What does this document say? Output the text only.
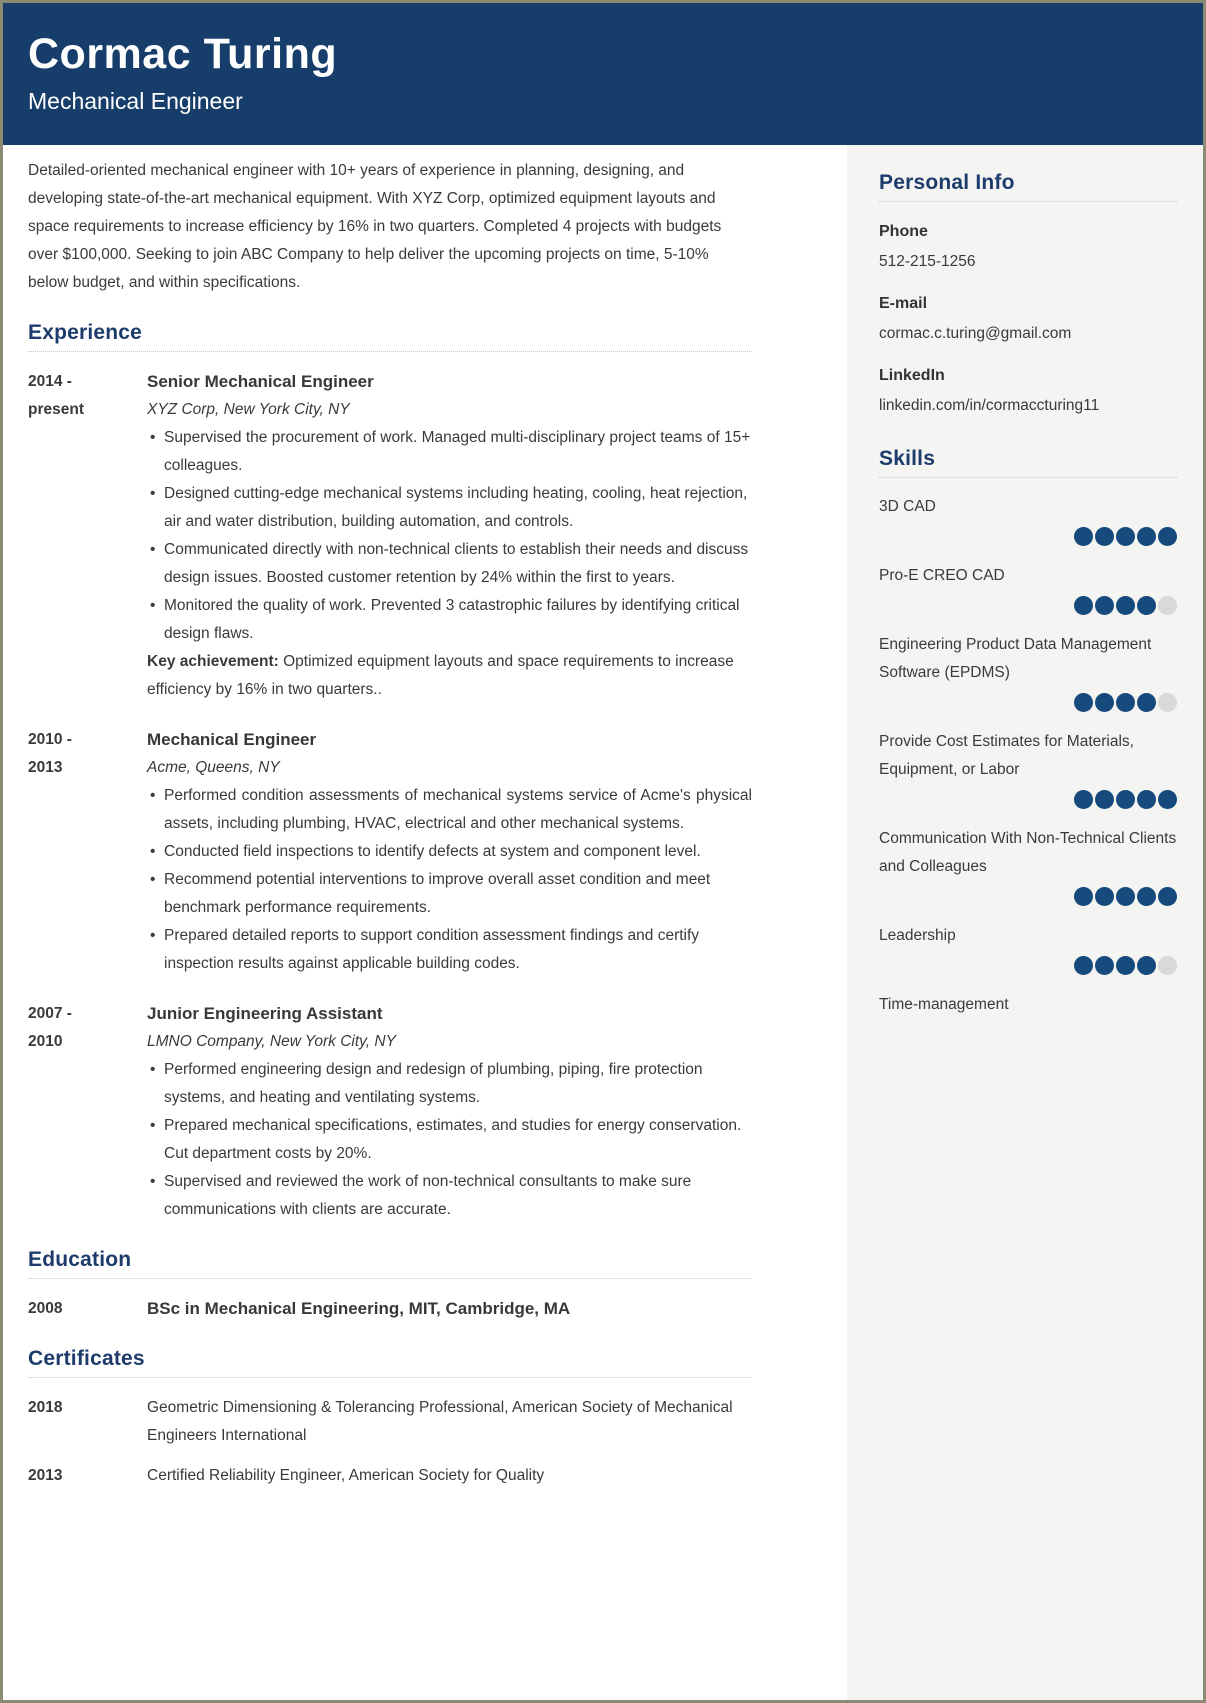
Cormac Turing
Mechanical Engineer

Detailed-oriented mechanical engineer with 10+ years of experience in planning, designing, and developing state-of-the-art mechanical equipment. With XYZ Corp, optimized equipment layouts and space requirements to increase efficiency by 16% in two quarters. Completed 4 projects with budgets over $100,000. Seeking to join ABC Company to help deliver the upcoming projects on time, 5-10% below budget, and within specifications.

Experience
2014 - present
Senior Mechanical Engineer
XYZ Corp, New York City, NY
• Supervised the procurement of work. Managed multi-disciplinary project teams of 15+ colleagues.
• Designed cutting-edge mechanical systems including heating, cooling, heat rejection, air and water distribution, building automation, and controls.
• Communicated directly with non-technical clients to establish their needs and discuss design issues. Boosted customer retention by 24% within the first to years.
• Monitored the quality of work. Prevented 3 catastrophic failures by identifying critical design flaws.

Key achievement: Optimized equipment layouts and space requirements to increase efficiency by 16% in two quarters..

2010 - 2013
Mechanical Engineer
Acme, Queens, NY
• Performed condition assessments of mechanical systems service of Acme's physical assets, including plumbing, HVAC, electrical and other mechanical systems.
• Conducted field inspections to identify defects at system and component level.
• Recommend potential interventions to improve overall asset condition and meet benchmark performance requirements.
• Prepared detailed reports to support condition assessment findings and certify inspection results against applicable building codes.
2007 - 2010
Junior Engineering Assistant
LMNO Company, New York City, NY
• Performed engineering design and redesign of plumbing, piping, fire protection systems, and heating and ventilating systems.
• Prepared mechanical specifications, estimates, and studies for energy conservation. Cut department costs by 20%.
• Supervised and reviewed the work of non-technical consultants to make sure communications with clients are accurate.
Education
2008	BSc in Mechanical Engineering, MIT, Cambridge, MA
Certificates
2018	Geometric Dimensioning & Tolerancing Professional, American Society of Mechanical Engineers International
2013	Certified Reliability Engineer, American Society for Quality
Personal Info
Phone
512-215-1256
E-mail
cormac.c.turing@gmail.com
LinkedIn
linkedin.com/in/cormaccturing11
Skills
3D CAD
Pro-E CREO CAD
Engineering Product Data Management Software (EPDMS)
Provide Cost Estimates for Materials, Equipment, or Labor
Communication With Non-Technical Clients and Colleagues
Leadership
Time-management
